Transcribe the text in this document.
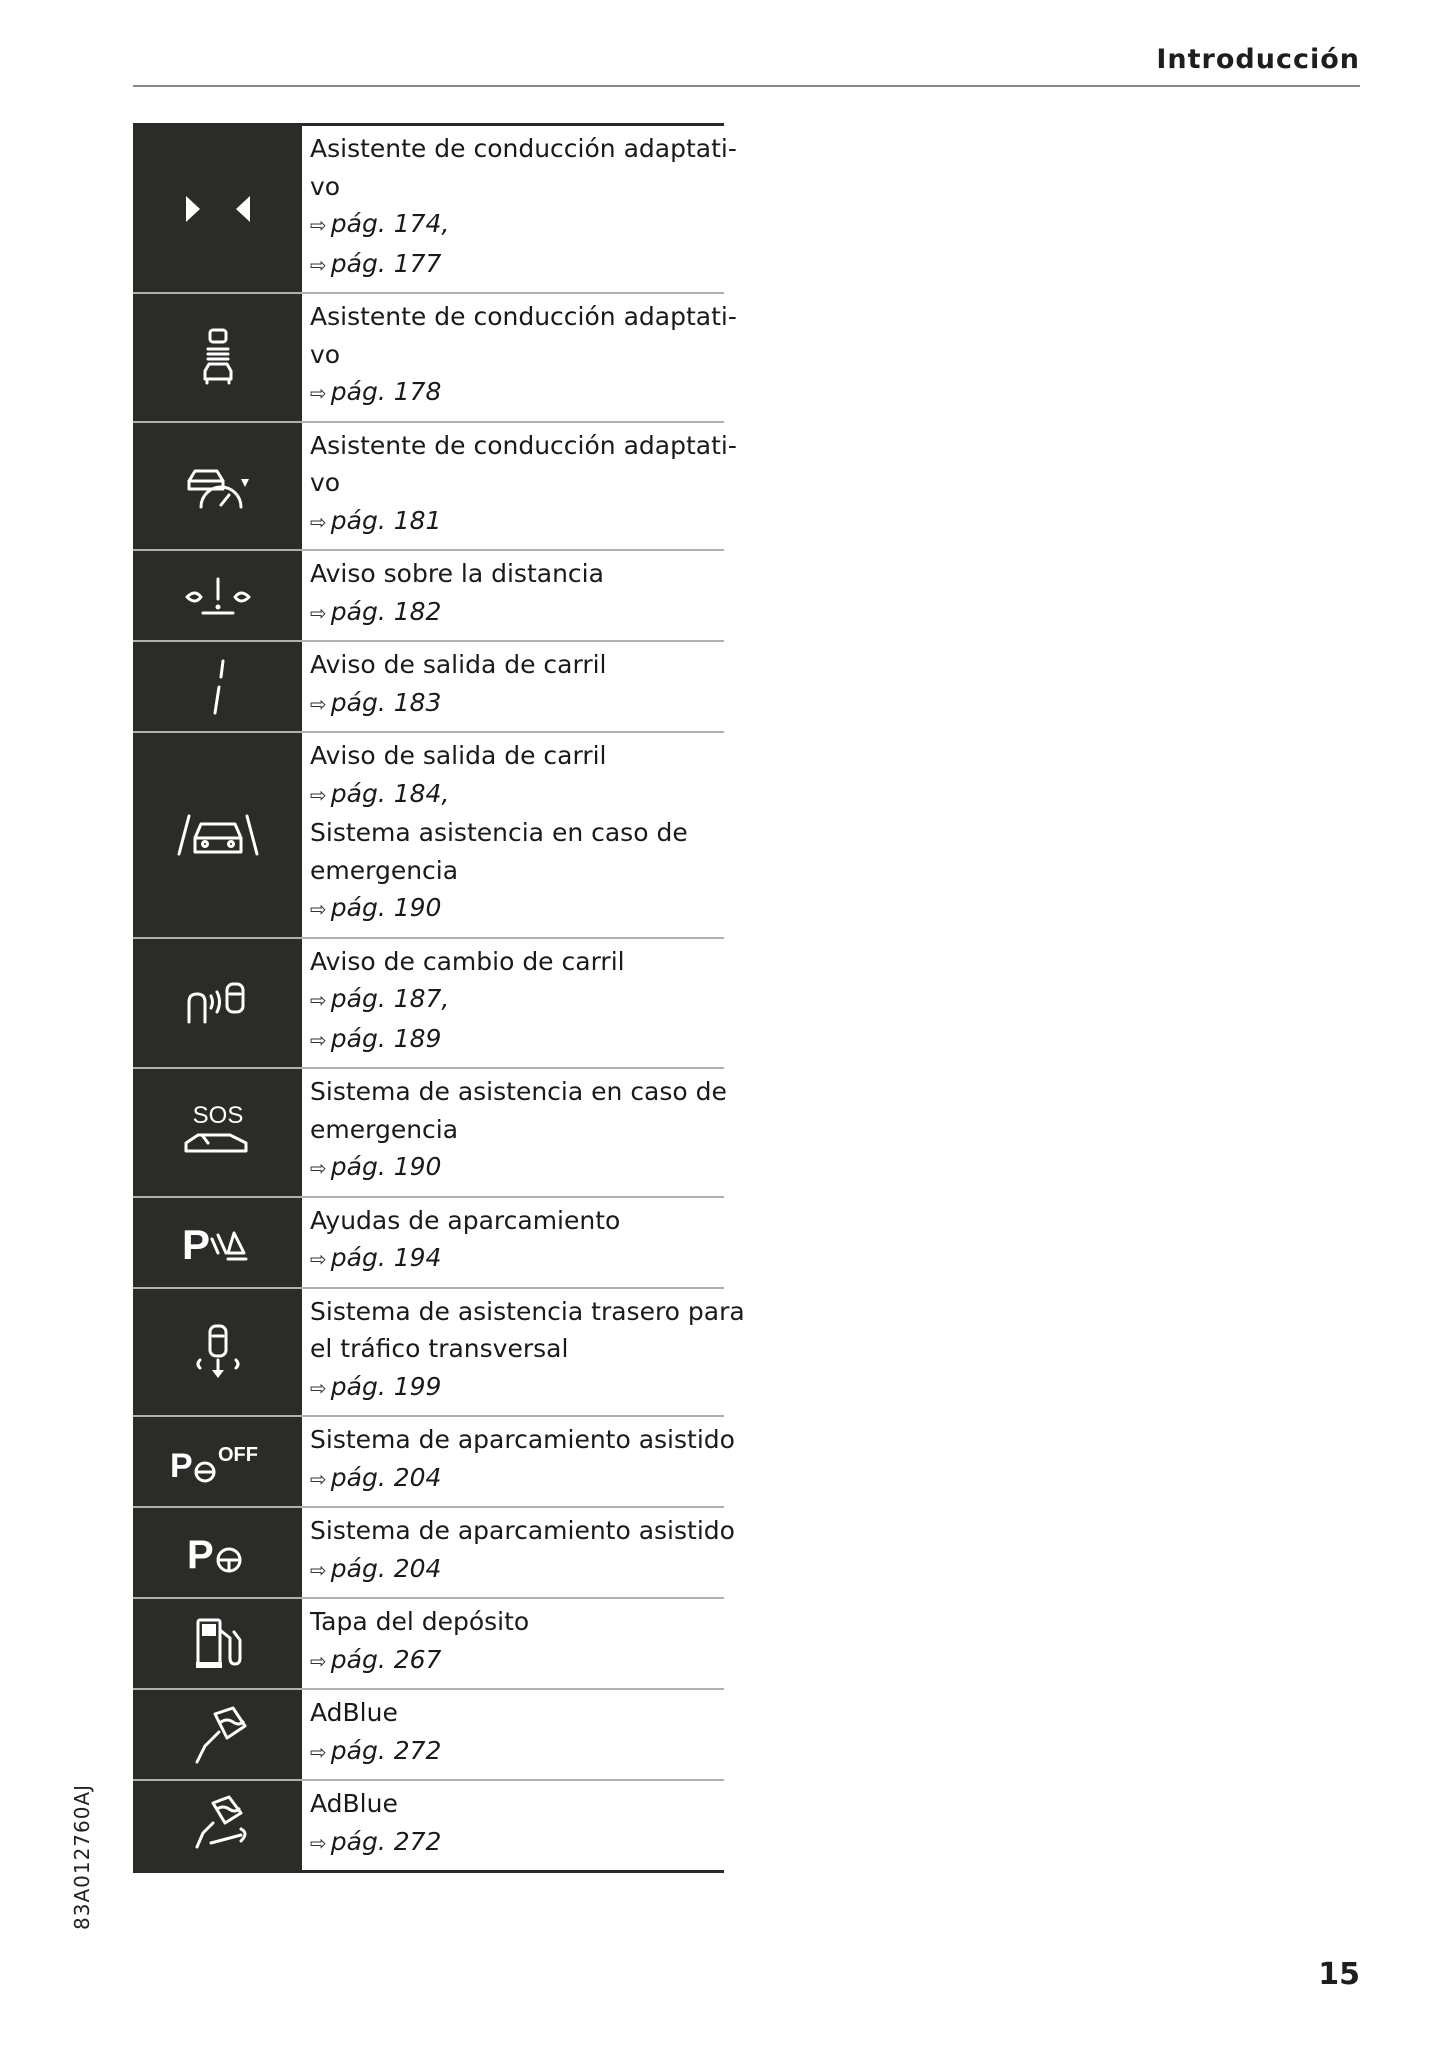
Introducción
Asistente de conducción adaptati-
vo
⇨ pág. 174,
⇨ pág. 177
Asistente de conducción adaptati-
vo
⇨ pág. 178
Asistente de conducción adaptati-
vo
⇨ pág. 181
Aviso sobre la distancia
⇨ pág. 182
Aviso de salida de carril
⇨ pág. 183
Aviso de salida de carril
⇨ pág. 184,
Sistema asistencia en caso de
emergencia
⇨ pág. 190
Aviso de cambio de carril
⇨ pág. 187,
⇨ pág. 189
SOS
Sistema de asistencia en caso de
emergencia
⇨ pág. 190
P
Ayudas de aparcamiento
⇨ pág. 194
Sistema de asistencia trasero para
el tráfico transversal
⇨ pág. 199
P OFF
Sistema de aparcamiento asistido
⇨ pág. 204
P
Sistema de aparcamiento asistido
⇨ pág. 204
Tapa del depósito
⇨ pág. 267
AdBlue
⇨ pág. 272
AdBlue
⇨ pág. 272
83A012760AJ
15
